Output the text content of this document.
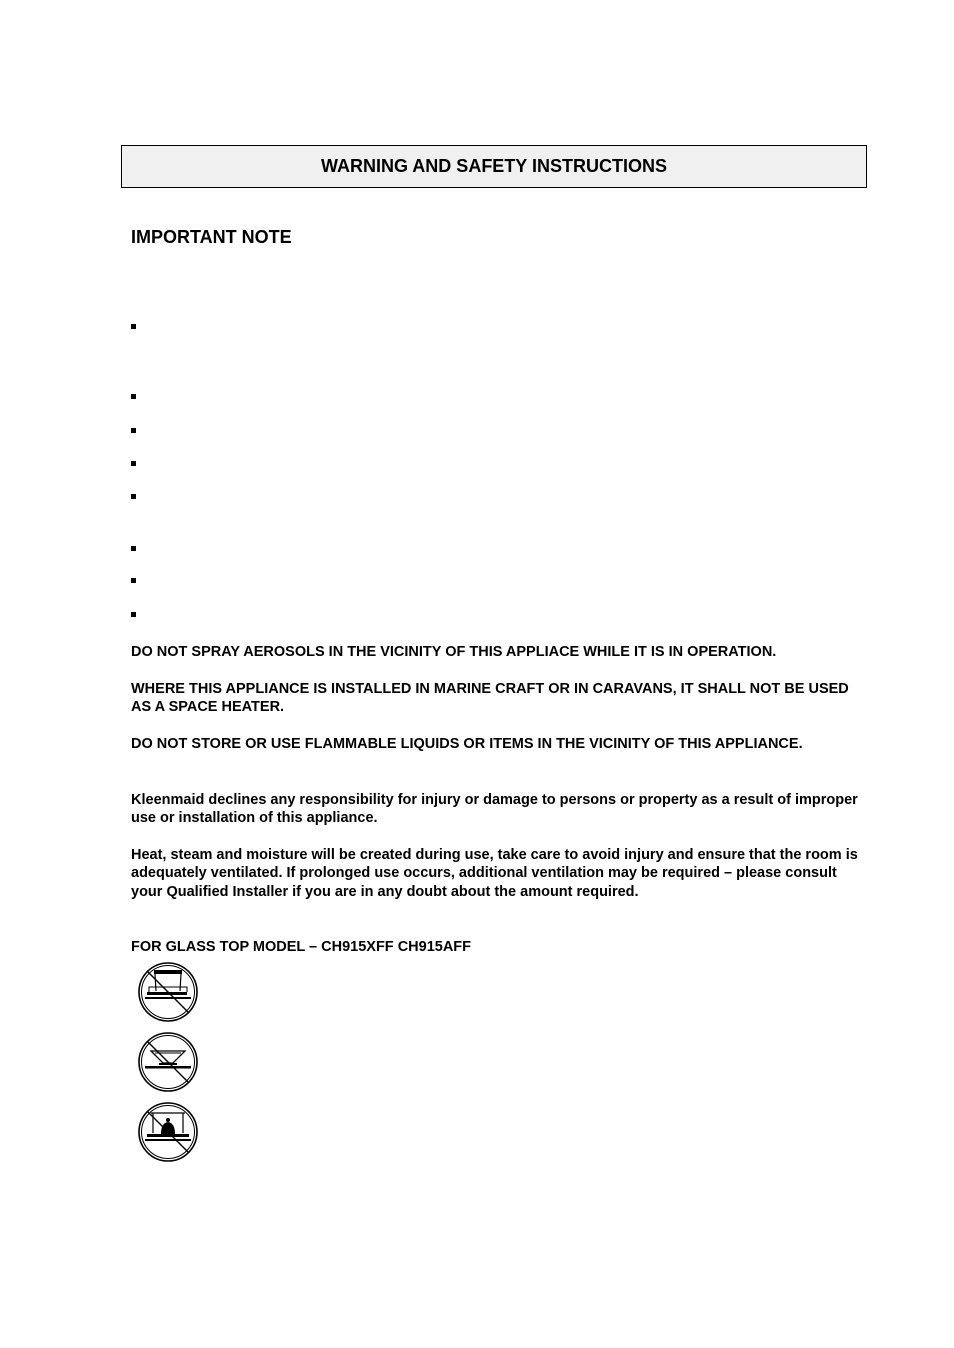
WARNING AND SAFETY INSTRUCTIONS
IMPORTANT NOTE

DO NOT SPRAY AEROSOLS IN THE VICINITY OF THIS APPLIACE WHILE IT IS IN OPERATION.

WHERE THIS APPLIANCE IS INSTALLED IN MARINE CRAFT OR IN CARAVANS, IT SHALL NOT BE USED AS A SPACE HEATER.

DO NOT STORE OR USE FLAMMABLE LIQUIDS OR ITEMS IN THE VICINITY OF THIS APPLIANCE.

Kleenmaid declines any responsibility for injury or damage to persons or property as a result of improper use or installation of this appliance.

Heat, steam and moisture will be created during use, take care to avoid injury and ensure that the room is adequately ventilated. If prolonged use occurs, additional ventilation may be required – please consult your Qualified Installer if you are in any doubt about the amount required.

FOR GLASS TOP MODEL – CH915XFF CH915AFF
